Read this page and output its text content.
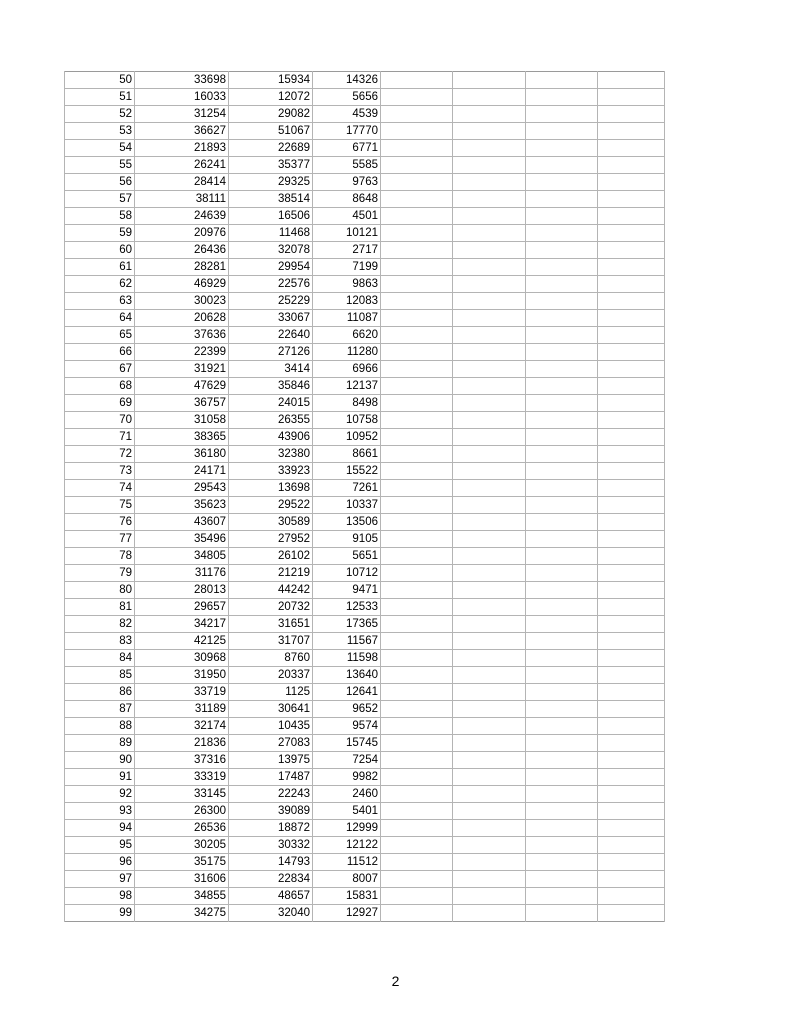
50	33698	15934	14326				
51	16033	12072	5656				
52	31254	29082	4539				
53	36627	51067	17770				
54	21893	22689	6771				
55	26241	35377	5585				
56	28414	29325	9763				
57	38111	38514	8648				
58	24639	16506	4501				
59	20976	11468	10121				
60	26436	32078	2717				
61	28281	29954	7199				
62	46929	22576	9863				
63	30023	25229	12083				
64	20628	33067	11087				
65	37636	22640	6620				
66	22399	27126	11280				
67	31921	3414	6966				
68	47629	35846	12137				
69	36757	24015	8498				
70	31058	26355	10758				
71	38365	43906	10952				
72	36180	32380	8661				
73	24171	33923	15522				
74	29543	13698	7261				
75	35623	29522	10337				
76	43607	30589	13506				
77	35496	27952	9105				
78	34805	26102	5651				
79	31176	21219	10712				
80	28013	44242	9471				
81	29657	20732	12533				
82	34217	31651	17365				
83	42125	31707	11567				
84	30968	8760	11598				
85	31950	20337	13640				
86	33719	1125	12641				
87	31189	30641	9652				
88	32174	10435	9574				
89	21836	27083	15745				
90	37316	13975	7254				
91	33319	17487	9982				
92	33145	22243	2460				
93	26300	39089	5401				
94	26536	18872	12999				
95	30205	30332	12122				
96	35175	14793	11512				
97	31606	22834	8007				
98	34855	48657	15831				
99	34275	32040	12927				
2
